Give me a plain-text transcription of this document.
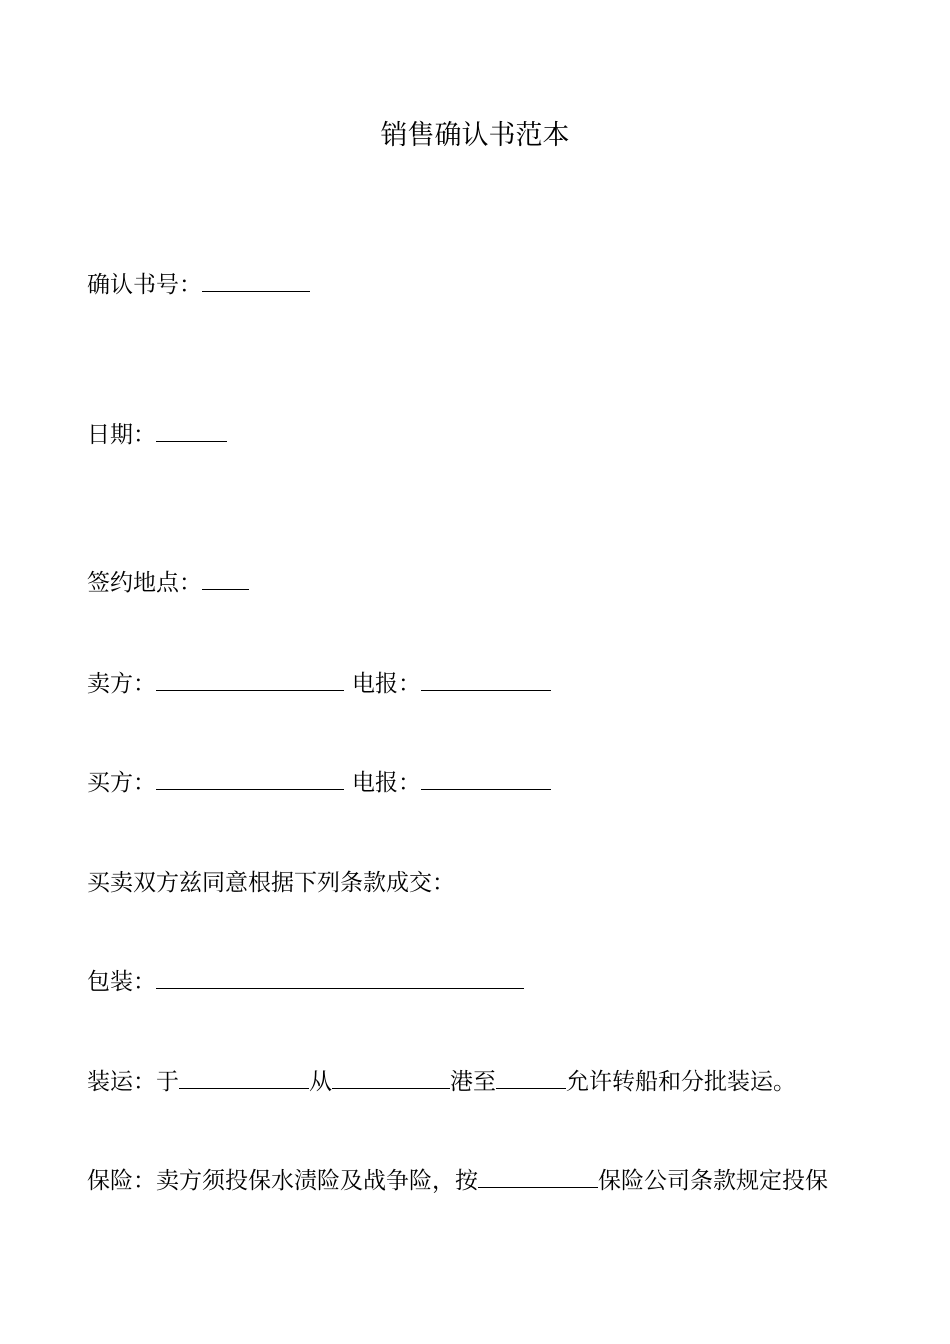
销售确认书范本
确认书号：
日期：
签约地点：
卖方：	电报：
买方：	电报：
买卖双方兹同意根据下列条款成交：
包装：
装运：于	从	港至	允许转船和分批装运。
保险：卖方须投保水渍险及战争险，按	保险公司条款规定投保
